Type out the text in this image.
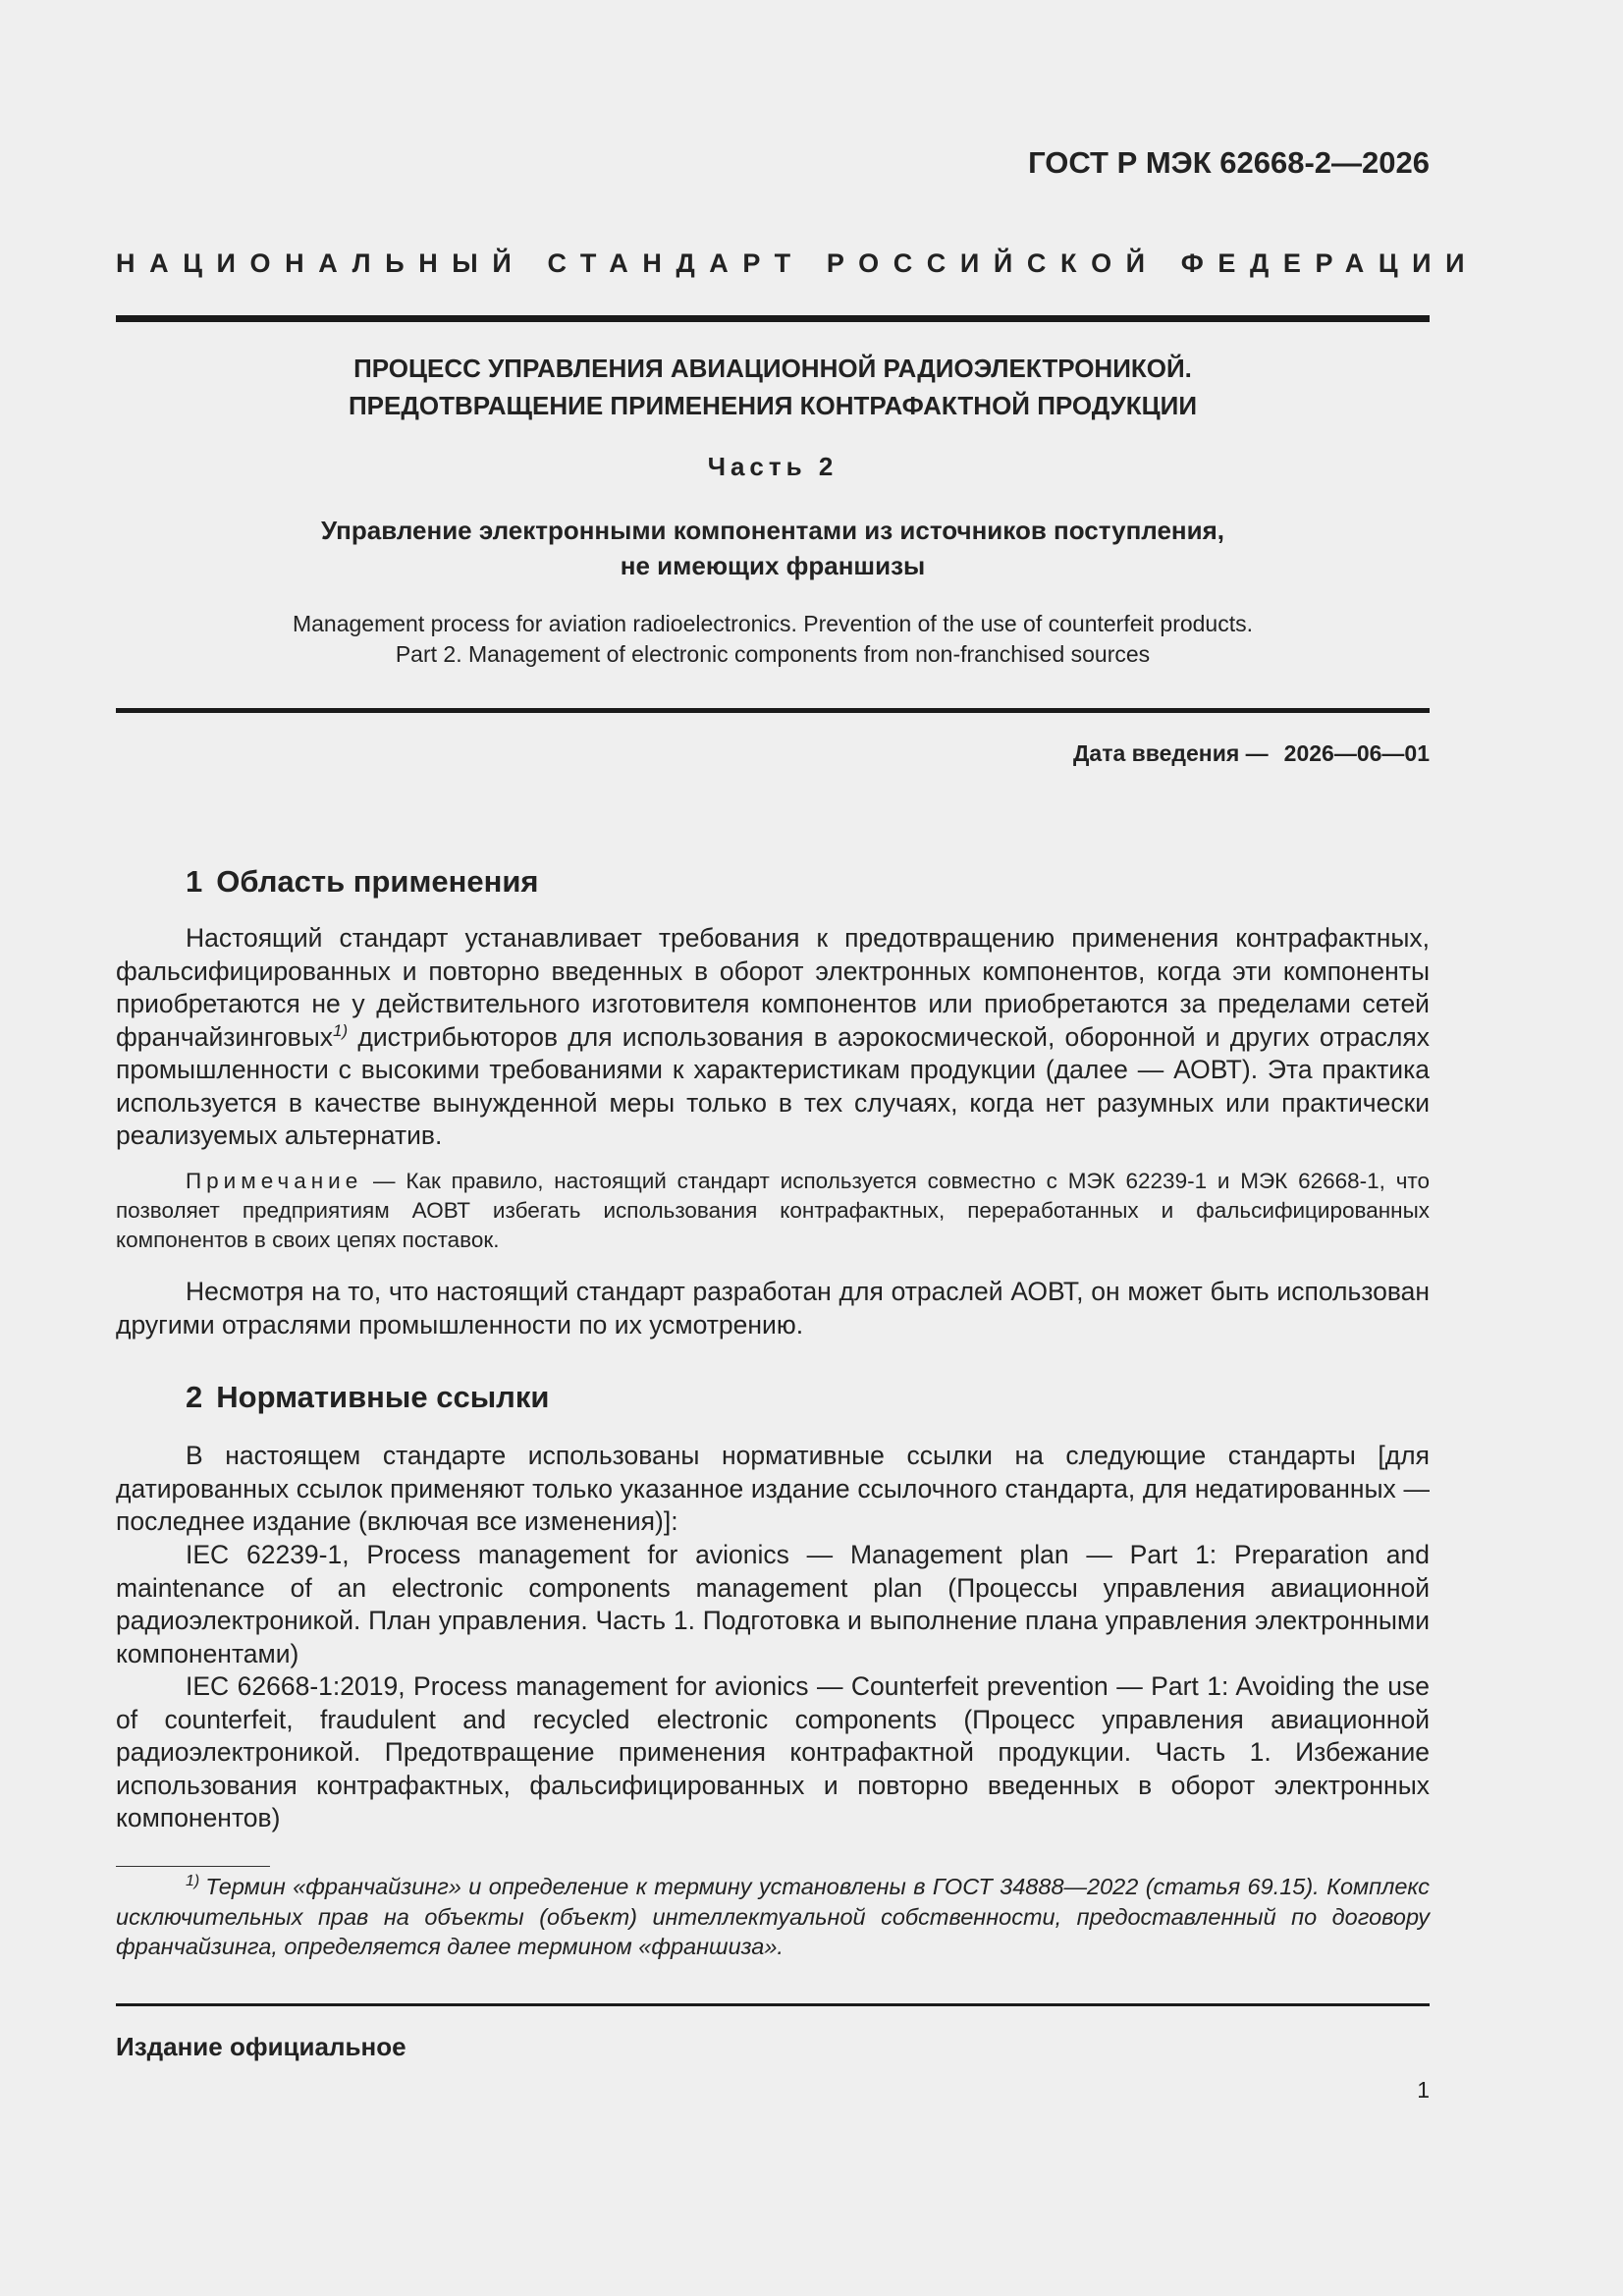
ГОСТ Р МЭК 62668-2—2026
НАЦИОНАЛЬНЫЙ СТАНДАРТ РОССИЙСКОЙ ФЕДЕРАЦИИ
ПРОЦЕСС УПРАВЛЕНИЯ АВИАЦИОННОЙ РАДИОЭЛЕКТРОНИКОЙ.
ПРЕДОТВРАЩЕНИЕ ПРИМЕНЕНИЯ КОНТРАФАКТНОЙ ПРОДУКЦИИ
Часть 2
Управление электронными компонентами из источников поступления,
не имеющих франшизы
Management process for aviation radioelectronics. Prevention of the use of counterfeit products.
Part 2. Management of electronic components from non-franchised sources
Дата введения — 2026—06—01
1 Область применения
Настоящий стандарт устанавливает требования к предотвращению применения контрафактных, фальсифицированных и повторно введенных в оборот электронных компонентов, когда эти компоненты приобретаются не у действительного изготовителя компонентов или приобретаются за пределами сетей франчайзинговых$^{1)}$ дистрибьюторов для использования в аэрокосмической, оборонной и других отраслях промышленности с высокими требованиями к характеристикам продукции (далее — АОВТ). Эта практика используется в качестве вынужденной меры только в тех случаях, когда нет разумных или практически реализуемых альтернатив.
Примечание — Как правило, настоящий стандарт используется совместно с МЭК 62239-1 и МЭК 62668-1, что позволяет предприятиям АОВТ избегать использования контрафактных, переработанных и фальсифицированных компонентов в своих цепях поставок.
Несмотря на то, что настоящий стандарт разработан для отраслей АОВТ, он может быть использован другими отраслями промышленности по их усмотрению.
2 Нормативные ссылки
В настоящем стандарте использованы нормативные ссылки на следующие стандарты [для датированных ссылок применяют только указанное издание ссылочного стандарта, для недатированных — последнее издание (включая все изменения)]:
IEC 62239-1, Process management for avionics — Management plan — Part 1: Preparation and maintenance of an electronic components management plan (Процессы управления авиационной радиоэлектроникой. План управления. Часть 1. Подготовка и выполнение плана управления электронными компонентами)
IEC 62668-1:2019, Process management for avionics — Counterfeit prevention — Part 1: Avoiding the use of counterfeit, fraudulent and recycled electronic components (Процесс управления авиационной радиоэлектроникой. Предотвращение применения контрафактной продукции. Часть 1. Избежание использования контрафактных, фальсифицированных и повторно введенных в оборот электронных компонентов)
$^{1)}$ Термин «франчайзинг» и определение к термину установлены в ГОСТ 34888—2022 (статья 69.15). Комплекс исключительных прав на объекты (объект) интеллектуальной собственности, предоставленный по договору франчайзинга, определяется далее термином «франшиза».
Издание официальное
1
